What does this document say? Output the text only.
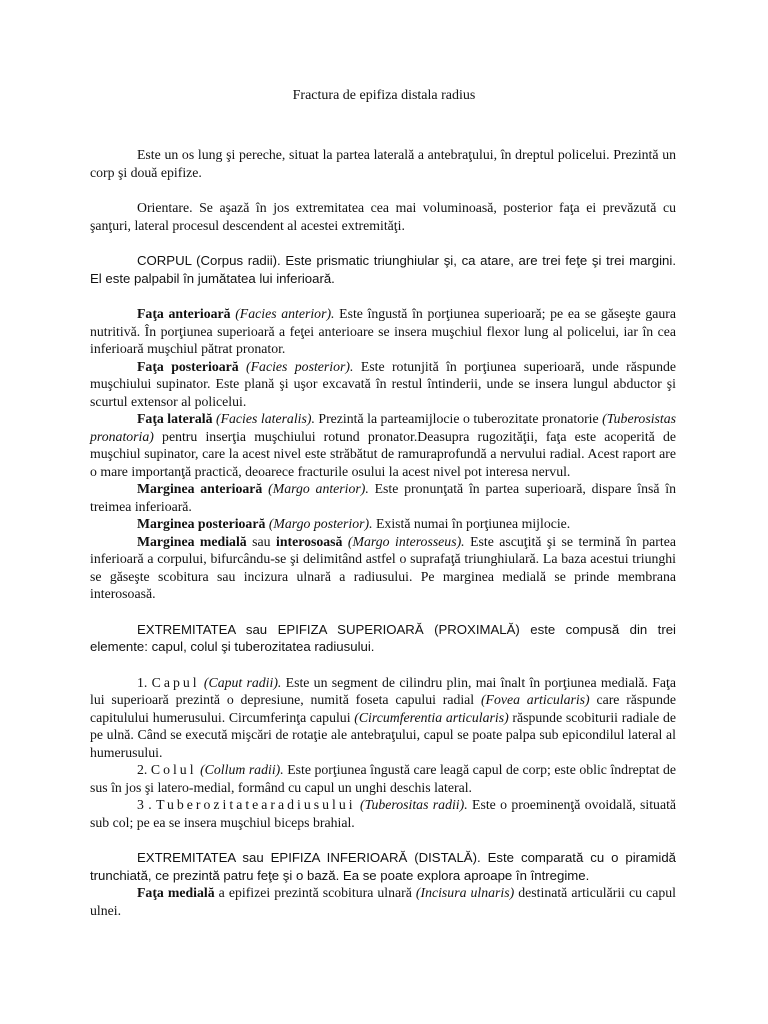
Fractura de epifiza distala radius

Este un os lung şi pereche, situat la partea laterală a antebraţului, în dreptul policelui. Prezintă un corp şi două epifize.

Orientare. Se aşază în jos extremitatea cea mai voluminoasă, posterior faţa ei prevăzută cu şanţuri, lateral procesul descendent al acestei extremităţi.

CORPUL (Corpus radii). Este prismatic triunghiular şi, ca atare, are trei feţe şi trei margini. El este palpabil în jumătatea lui inferioară.

Faţa anterioară (Facies anterior). Este îngustă în porţiunea superioară; pe ea se găseşte gaura nutritivă. În porţiunea superioară a feţei anterioare se insera muşchiul flexor lung al policelui, iar în cea inferioară muşchiul pătrat pronator.

Faţa posterioară (Facies posterior). Este rotunjită în porţiunea superioară, unde răspunde muşchiului supinator. Este plană şi uşor excavată în restul întinderii, unde se insera lungul abductor şi scurtul extensor al policelui.

Faţa laterală (Facies lateralis). Prezintă la parteamijlocie o tuberozitate pronatorie (Tuberosistas pronatoria) pentru inserţia muşchiului rotund pronator.Deasupra rugozităţii, faţa este acoperită de muşchiul supinator, care la acest nivel este străbătut de ramuraprofundă a nervului radial. Acest raport are o mare importanţă practică, deoarece fracturile osului la acest nivel pot interesa nervul.

Marginea anterioară (Margo anterior). Este pronunţată în partea superioară, dispare însă în treimea inferioară.

Marginea posterioară (Margo posterior). Există numai în porţiunea mijlocie.

Marginea medială sau interosoasă (Margo interosseus). Este ascuţită şi se termină în partea inferioară a corpului, bifurcându-se şi delimitând astfel o suprafaţă triunghiulară. La baza acestui triunghi se găseşte scobitura sau incizura ulnară a radiusului. Pe marginea medială se prinde membrana interosoasă.

EXTREMITATEA sau EPIFIZA SUPERIOARĂ (PROXIMALĂ) este compusă din trei elemente: capul, colul şi tuberozitatea radiusului.

1. Capul (Caput radii). Este un segment de cilindru plin, mai înalt în porţiunea medială. Faţa lui superioară prezintă o depresiune, numită foseta capului radial (Fovea articularis) care răspunde capitulului humerusului. Circumferinţa capului (Circumferentia articularis) răspunde scobiturii radiale de pe ulnă. Când se execută mişcări de rotaţie ale antebraţului, capul se poate palpa sub epicondilul lateral al humerusului.

2. Colul (Collum radii). Este porţiunea îngustă care leagă capul de corp; este oblic îndreptat de sus în jos şi latero-medial, formând cu capul un unghi deschis lateral.

3 . Tuberozitatearadiusului (Tuberositas radii). Este o proeminenţă ovoidală, situată sub col; pe ea se insera muşchiul biceps brahial.

EXTREMITATEA sau EPIFIZA INFERIOARĂ (DISTALĂ). Este comparată cu o piramidă trunchiată, ce prezintă patru feţe şi o bază. Ea se poate explora aproape în întregime.

Faţa medială a epifizei prezintă scobitura ulnară (Incisura ulnaris) destinată articulării cu capul ulnei.
